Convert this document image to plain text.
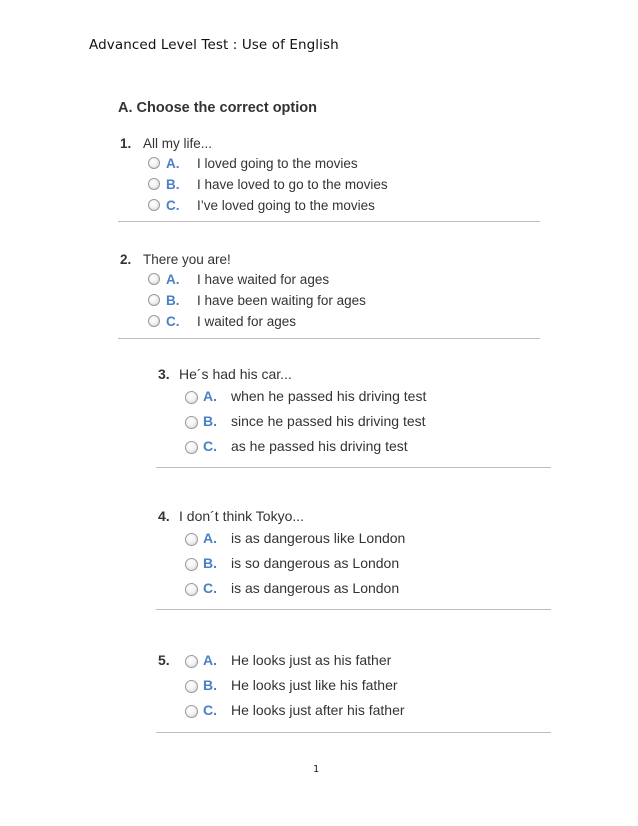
Advanced Level Test : Use of English
A. Choose the correct option
1. All my life...
A. I loved going to the movies
B. I have loved to go to the movies
C. I’ve loved going to the movies
2. There you are!
A. I have waited for ages
B. I have been waiting for ages
C. I waited for ages
3. He´s had his car...
A. when he passed his driving test
B. since he passed his driving test
C. as he passed his driving test
4. I don´t think Tokyo...
A. is as dangerous like London
B. is so dangerous as London
C. is as dangerous as London
5. A. He looks just as his father
B. He looks just like his father
C. He looks just after his father
1
